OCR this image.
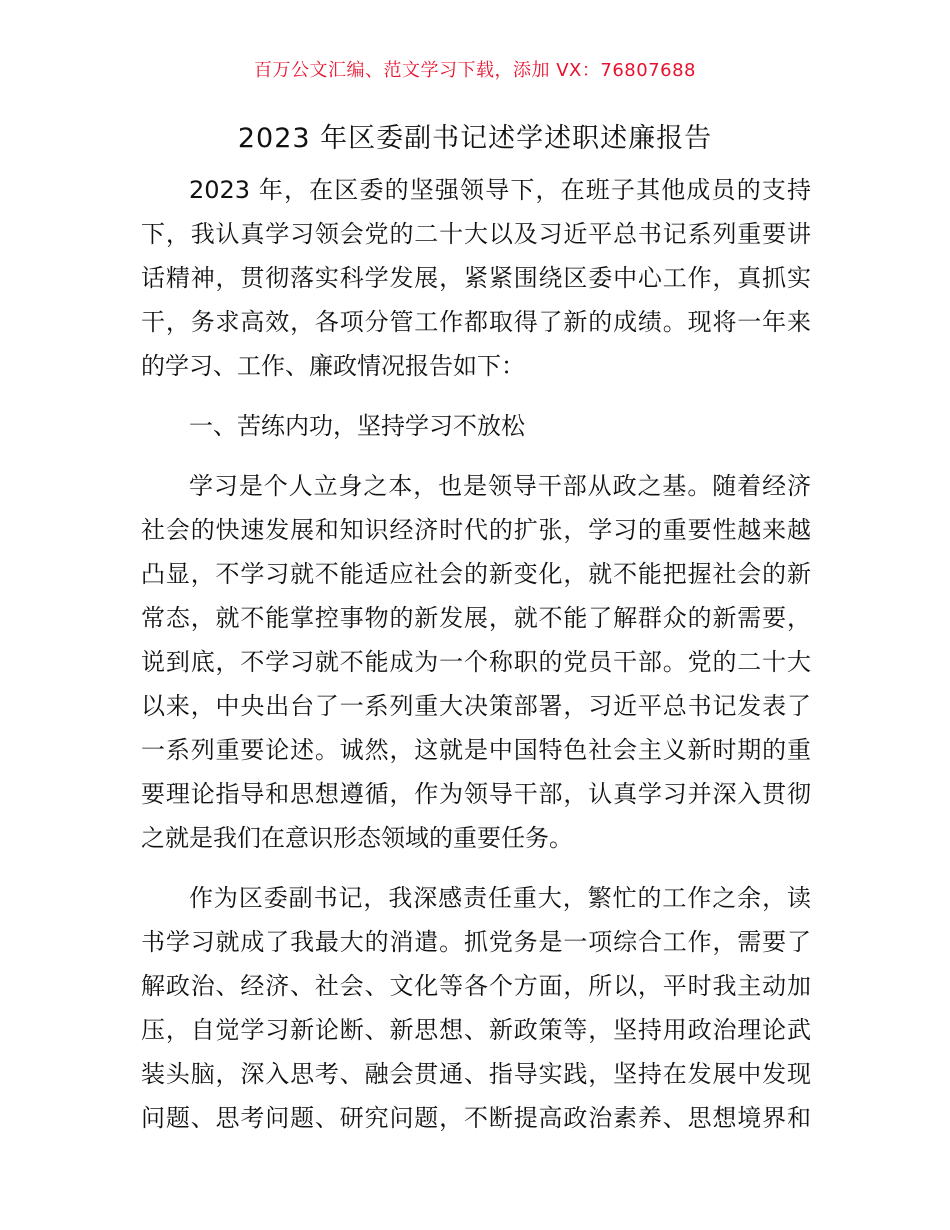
百万公文汇编、范文学习下载，添加 VX：76807688
2023 年区委副书记述学述职述廉报告
2023 年，在区委的坚强领导下，在班子其他成员的支持
下，我认真学习领会党的二十大以及习近平总书记系列重要讲
话精神，贯彻落实科学发展，紧紧围绕区委中心工作，真抓实
干，务求高效，各项分管工作都取得了新的成绩。现将一年来
的学习、工作、廉政情况报告如下：
一、苦练内功，坚持学习不放松
学习是个人立身之本，也是领导干部从政之基。随着经济
社会的快速发展和知识经济时代的扩张，学习的重要性越来越
凸显，不学习就不能适应社会的新变化，就不能把握社会的新
常态，就不能掌控事物的新发展，就不能了解群众的新需要，
说到底，不学习就不能成为一个称职的党员干部。党的二十大
以来，中央出台了一系列重大决策部署，习近平总书记发表了
一系列重要论述。诚然，这就是中国特色社会主义新时期的重
要理论指导和思想遵循，作为领导干部，认真学习并深入贯彻
之就是我们在意识形态领域的重要任务。
作为区委副书记，我深感责任重大，繁忙的工作之余，读
书学习就成了我最大的消遣。抓党务是一项综合工作，需要了
解政治、经济、社会、文化等各个方面，所以，平时我主动加
压，自觉学习新论断、新思想、新政策等，坚持用政治理论武
装头脑，深入思考、融会贯通、指导实践，坚持在发展中发现
问题、思考问题、研究问题，不断提高政治素养、思想境界和
